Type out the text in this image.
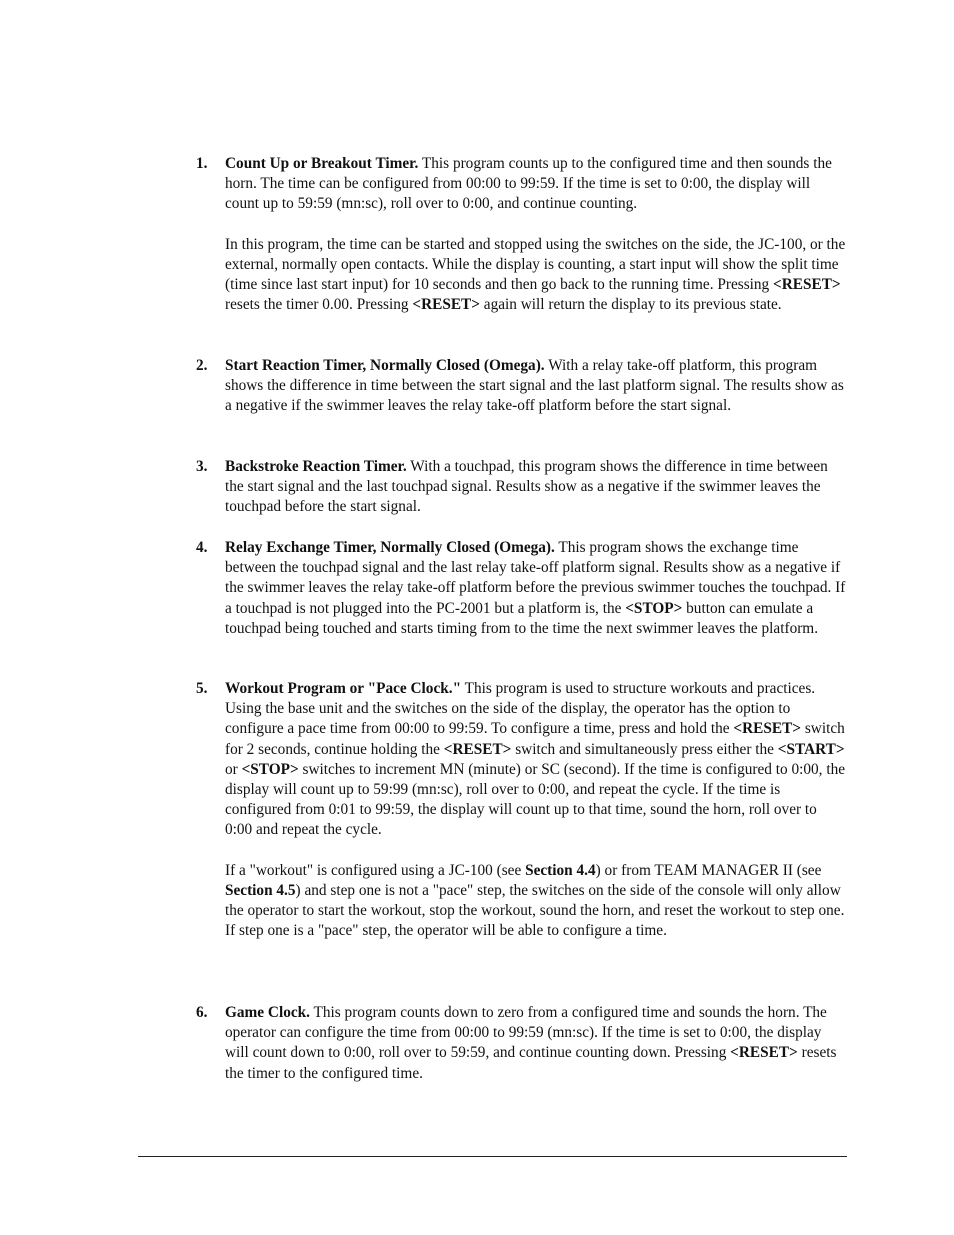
1. Count Up or Breakout Timer. This program counts up to the configured time and then sounds the horn. The time can be configured from 00:00 to 99:59. If the time is set to 0:00, the display will count up to 59:59 (mn:sc), roll over to 0:00, and continue counting.

In this program, the time can be started and stopped using the switches on the side, the JC-100, or the external, normally open contacts. While the display is counting, a start input will show the split time (time since last start input) for 10 seconds and then go back to the running time. Pressing <RESET> resets the timer 0.00. Pressing <RESET> again will return the display to its previous state.

2. Start Reaction Timer, Normally Closed (Omega). With a relay take-off platform, this program shows the difference in time between the start signal and the last platform signal. The results show as a negative if the swimmer leaves the relay take-off platform before the start signal.

3. Backstroke Reaction Timer. With a touchpad, this program shows the difference in time between the start signal and the last touchpad signal. Results show as a negative if the swimmer leaves the touchpad before the start signal.

4. Relay Exchange Timer, Normally Closed (Omega). This program shows the exchange time between the touchpad signal and the last relay take-off platform signal. Results show as a negative if the swimmer leaves the relay take-off platform before the previous swimmer touches the touchpad. If a touchpad is not plugged into the PC-2001 but a platform is, the <STOP> button can emulate a touchpad being touched and starts timing from to the time the next swimmer leaves the platform.

5. Workout Program or "Pace Clock." This program is used to structure workouts and practices. Using the base unit and the switches on the side of the display, the operator has the option to configure a pace time from 00:00 to 99:59. To configure a time, press and hold the <RESET> switch for 2 seconds, continue holding the <RESET> switch and simultaneously press either the <START> or <STOP> switches to increment MN (minute) or SC (second). If the time is configured to 0:00, the display will count up to 59:99 (mn:sc), roll over to 0:00, and repeat the cycle. If the time is configured from 0:01 to 99:59, the display will count up to that time, sound the horn, roll over to 0:00 and repeat the cycle.

If a "workout" is configured using a JC-100 (see Section 4.4) or from TEAM MANAGER II (see Section 4.5) and step one is not a "pace" step, the switches on the side of the console will only allow the operator to start the workout, stop the workout, sound the horn, and reset the workout to step one. If step one is a "pace" step, the operator will be able to configure a time.

6. Game Clock. This program counts down to zero from a configured time and sounds the horn. The operator can configure the time from 00:00 to 99:59 (mn:sc). If the time is set to 0:00, the display will count down to 0:00, roll over to 59:59, and continue counting down. Pressing <RESET> resets the timer to the configured time.
